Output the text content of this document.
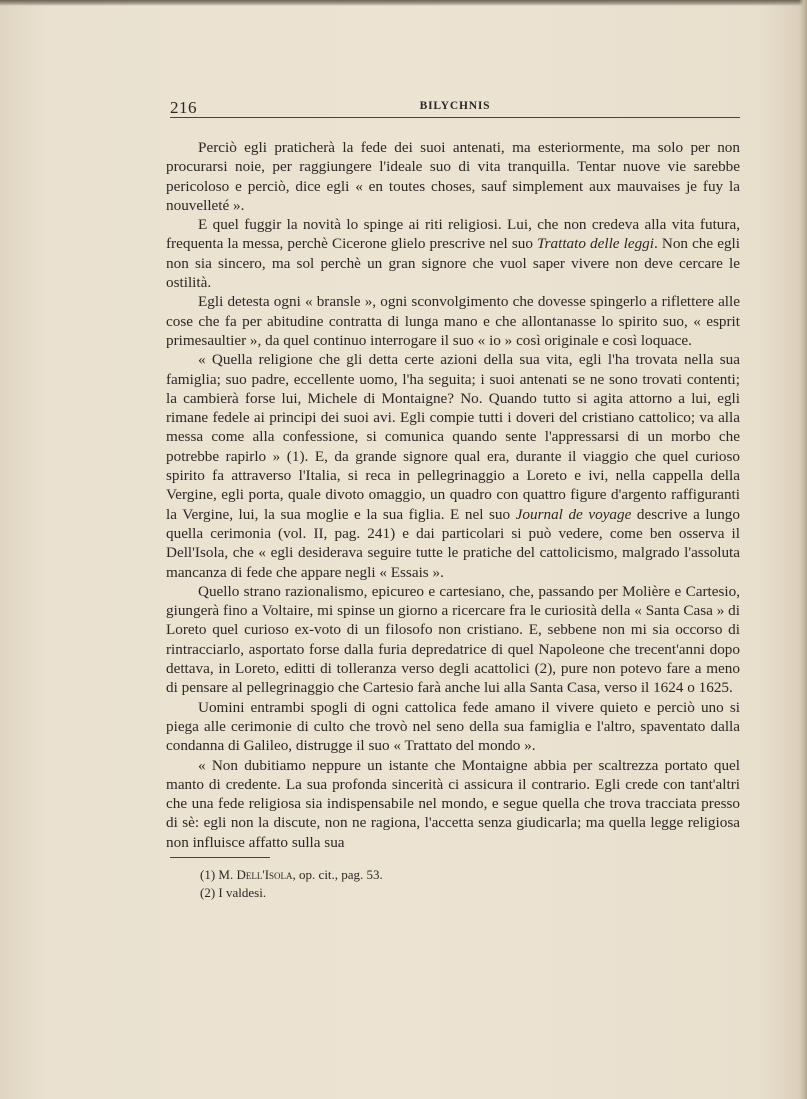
216	BILYCHNIS

Perciò egli praticherà la fede dei suoi antenati, ma esteriormente, ma solo per non procurarsi noie, per raggiungere l'ideale suo di vita tranquilla. Tentar nuove vie sarebbe pericoloso e perciò, dice egli « en toutes choses, sauf simplement aux mauvaises je fuy la nouvelleté ».

E quel fuggir la novità lo spinge ai riti religiosi. Lui, che non credeva alla vita futura, frequenta la messa, perchè Cicerone glielo prescrive nel suo Trattato delle leggi. Non che egli non sia sincero, ma sol perchè un gran signore che vuol saper vivere non deve cercare le ostilità.

Egli detesta ogni « bransle », ogni sconvolgimento che dovesse spingerlo a riflettere alle cose che fa per abitudine contratta di lunga mano e che allontanasse lo spirito suo, « esprit primesaultier », da quel continuo interrogare il suo « io » così originale e così loquace.

« Quella religione che gli detta certe azioni della sua vita, egli l'ha trovata nella sua famiglia; suo padre, eccellente uomo, l'ha seguita; i suoi antenati se ne sono trovati contenti; la cambierà forse lui, Michele di Montaigne? No. Quando tutto si agita attorno a lui, egli rimane fedele ai principi dei suoi avi. Egli compie tutti i doveri del cristiano cattolico; va alla messa come alla confessione, si comunica quando sente l'appressarsi di un morbo che potrebbe rapirlo » (1). E, da grande signore qual era, durante il viaggio che quel curioso spirito fa attraverso l'Italia, si reca in pellegrinaggio a Loreto e ivi, nella cappella della Vergine, egli porta, quale divoto omaggio, un quadro con quattro figure d'argento raffiguranti la Vergine, lui, la sua moglie e la sua figlia. E nel suo Journal de voyage descrive a lungo quella cerimonia (vol. II, pag. 241) e dai particolari si può vedere, come ben osserva il Dell'Isola, che « egli desiderava seguire tutte le pratiche del cattolicismo, malgrado l'assoluta mancanza di fede che appare negli « Essais ».

Quello strano razionalismo, epicureo e cartesiano, che, passando per Molière e Cartesio, giungerà fino a Voltaire, mi spinse un giorno a ricercare fra le curiosità della « Santa Casa » di Loreto quel curioso ex-voto di un filosofo non cristiano. E, sebbene non mi sia occorso di rintracciarlo, asportato forse dalla furia depredatrice di quel Napoleone che trecent'anni dopo dettava, in Loreto, editti di tolleranza verso degli acattolici (2), pure non potevo fare a meno di pensare al pellegrinaggio che Cartesio farà anche lui alla Santa Casa, verso il 1624 o 1625.

Uomini entrambi spogli di ogni cattolica fede amano il vivere quieto e perciò uno si piega alle cerimonie di culto che trovò nel seno della sua famiglia e l'altro, spaventato dalla condanna di Galileo, distrugge il suo « Trattato del mondo ».

« Non dubitiamo neppure un istante che Montaigne abbia per scaltrezza portato quel manto di credente. La sua profonda sincerità ci assicura il contrario. Egli crede con tant'altri che una fede religiosa sia indispensabile nel mondo, e segue quella che trova tracciata presso di sè: egli non la discute, non ne ragiona, l'accetta senza giudicarla; ma quella legge religiosa non influisce affatto sulla sua

(1) M. Dell'Isola, op. cit., pag. 53.
(2) I valdesi.
